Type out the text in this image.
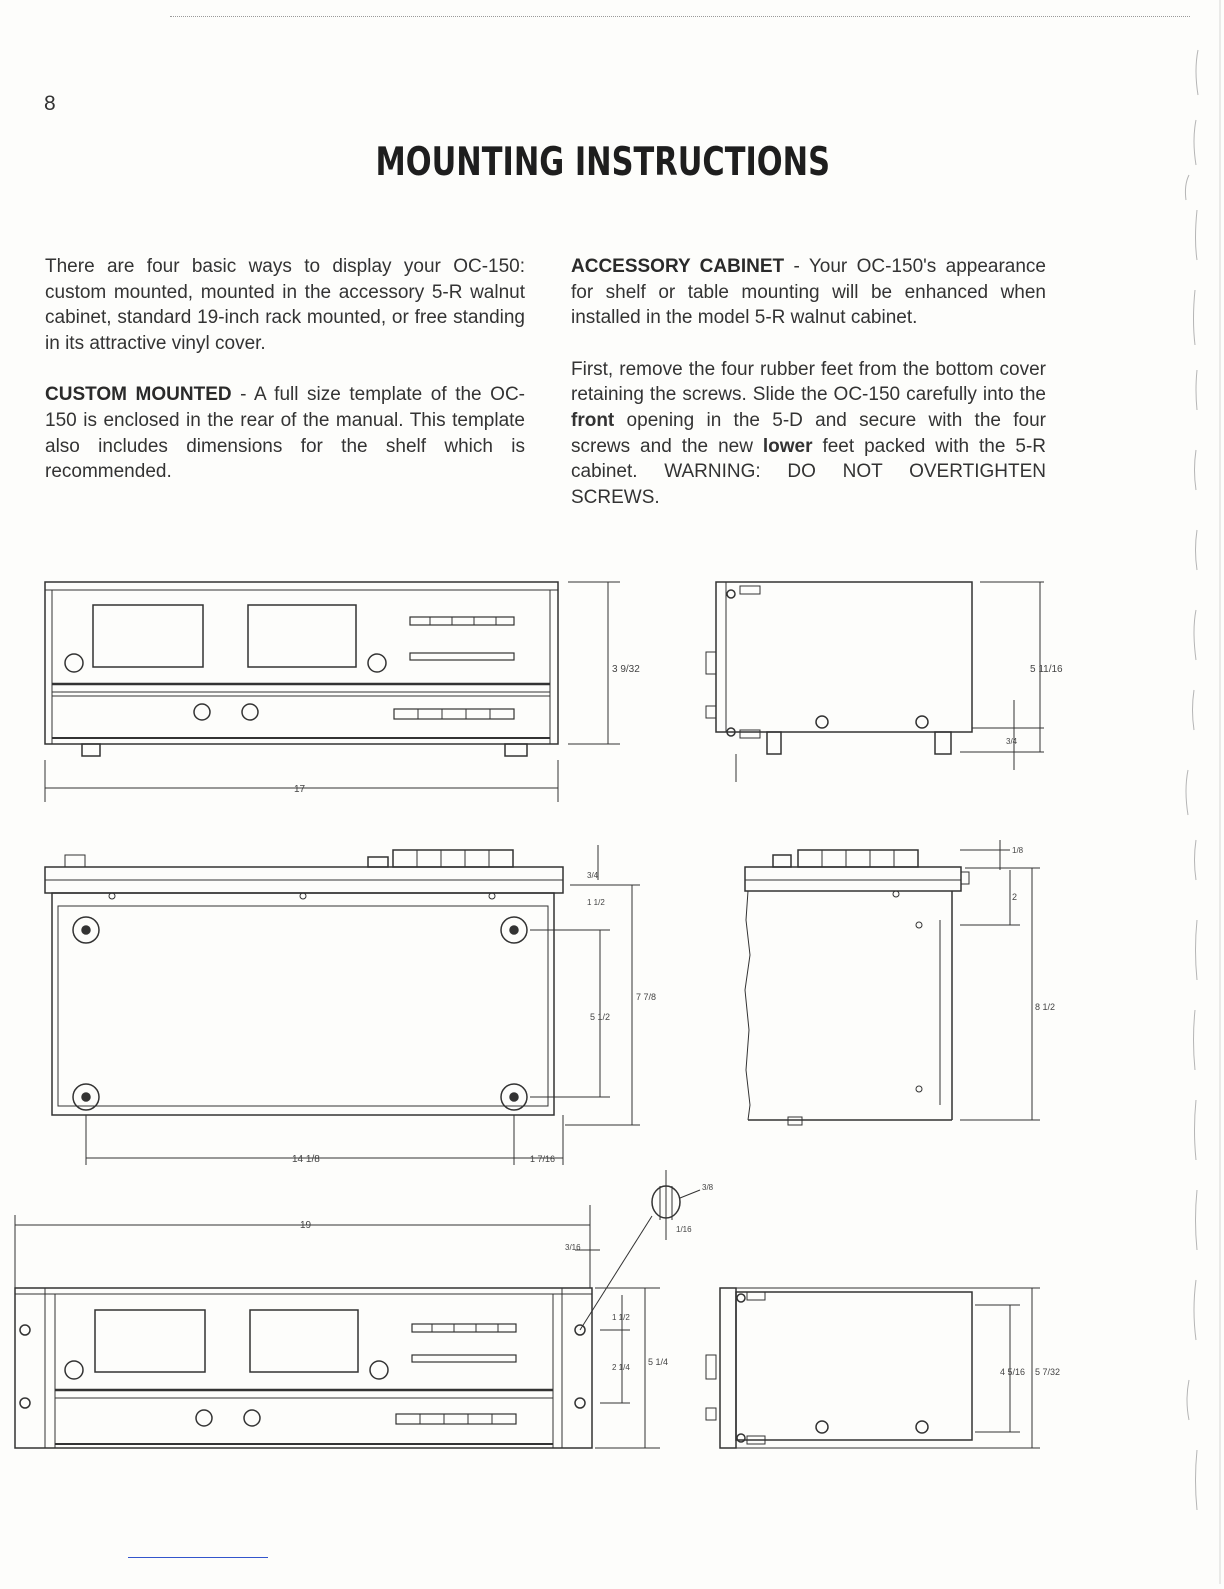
8
MOUNTING INSTRUCTIONS

There are four basic ways to display your OC-150: custom mounted, mounted in the accessory 5-R walnut cabinet, standard 19-inch rack mounted, or free standing in its attractive vinyl cover.

CUSTOM MOUNTED - A full size template of the OC-150 is enclosed in the rear of the manual. This template also includes dimensions for the shelf which is recommended.

ACCESSORY CABINET - Your OC-150's appearance for shelf or table mounting will be enhanced when installed in the model 5-R walnut cabinet.

First, remove the four rubber feet from the bottom cover retaining the screws. Slide the OC-150 carefully into the front opening in the 5-D and secure with the four screws and the new lower feet packed with the 5-R cabinet. WARNING: DO NOT OVERTIGHTEN SCREWS.

17
3 9/32	5 11/16
3/4
14 1/8	1 7/16
5 1/2
7 7/8
3/4
1 1/2
2
1/8
8 1/2
19
3/16
5 1/4
1 1/2
2 1/4
3/8
1/16
4 5/16 5 7/32
